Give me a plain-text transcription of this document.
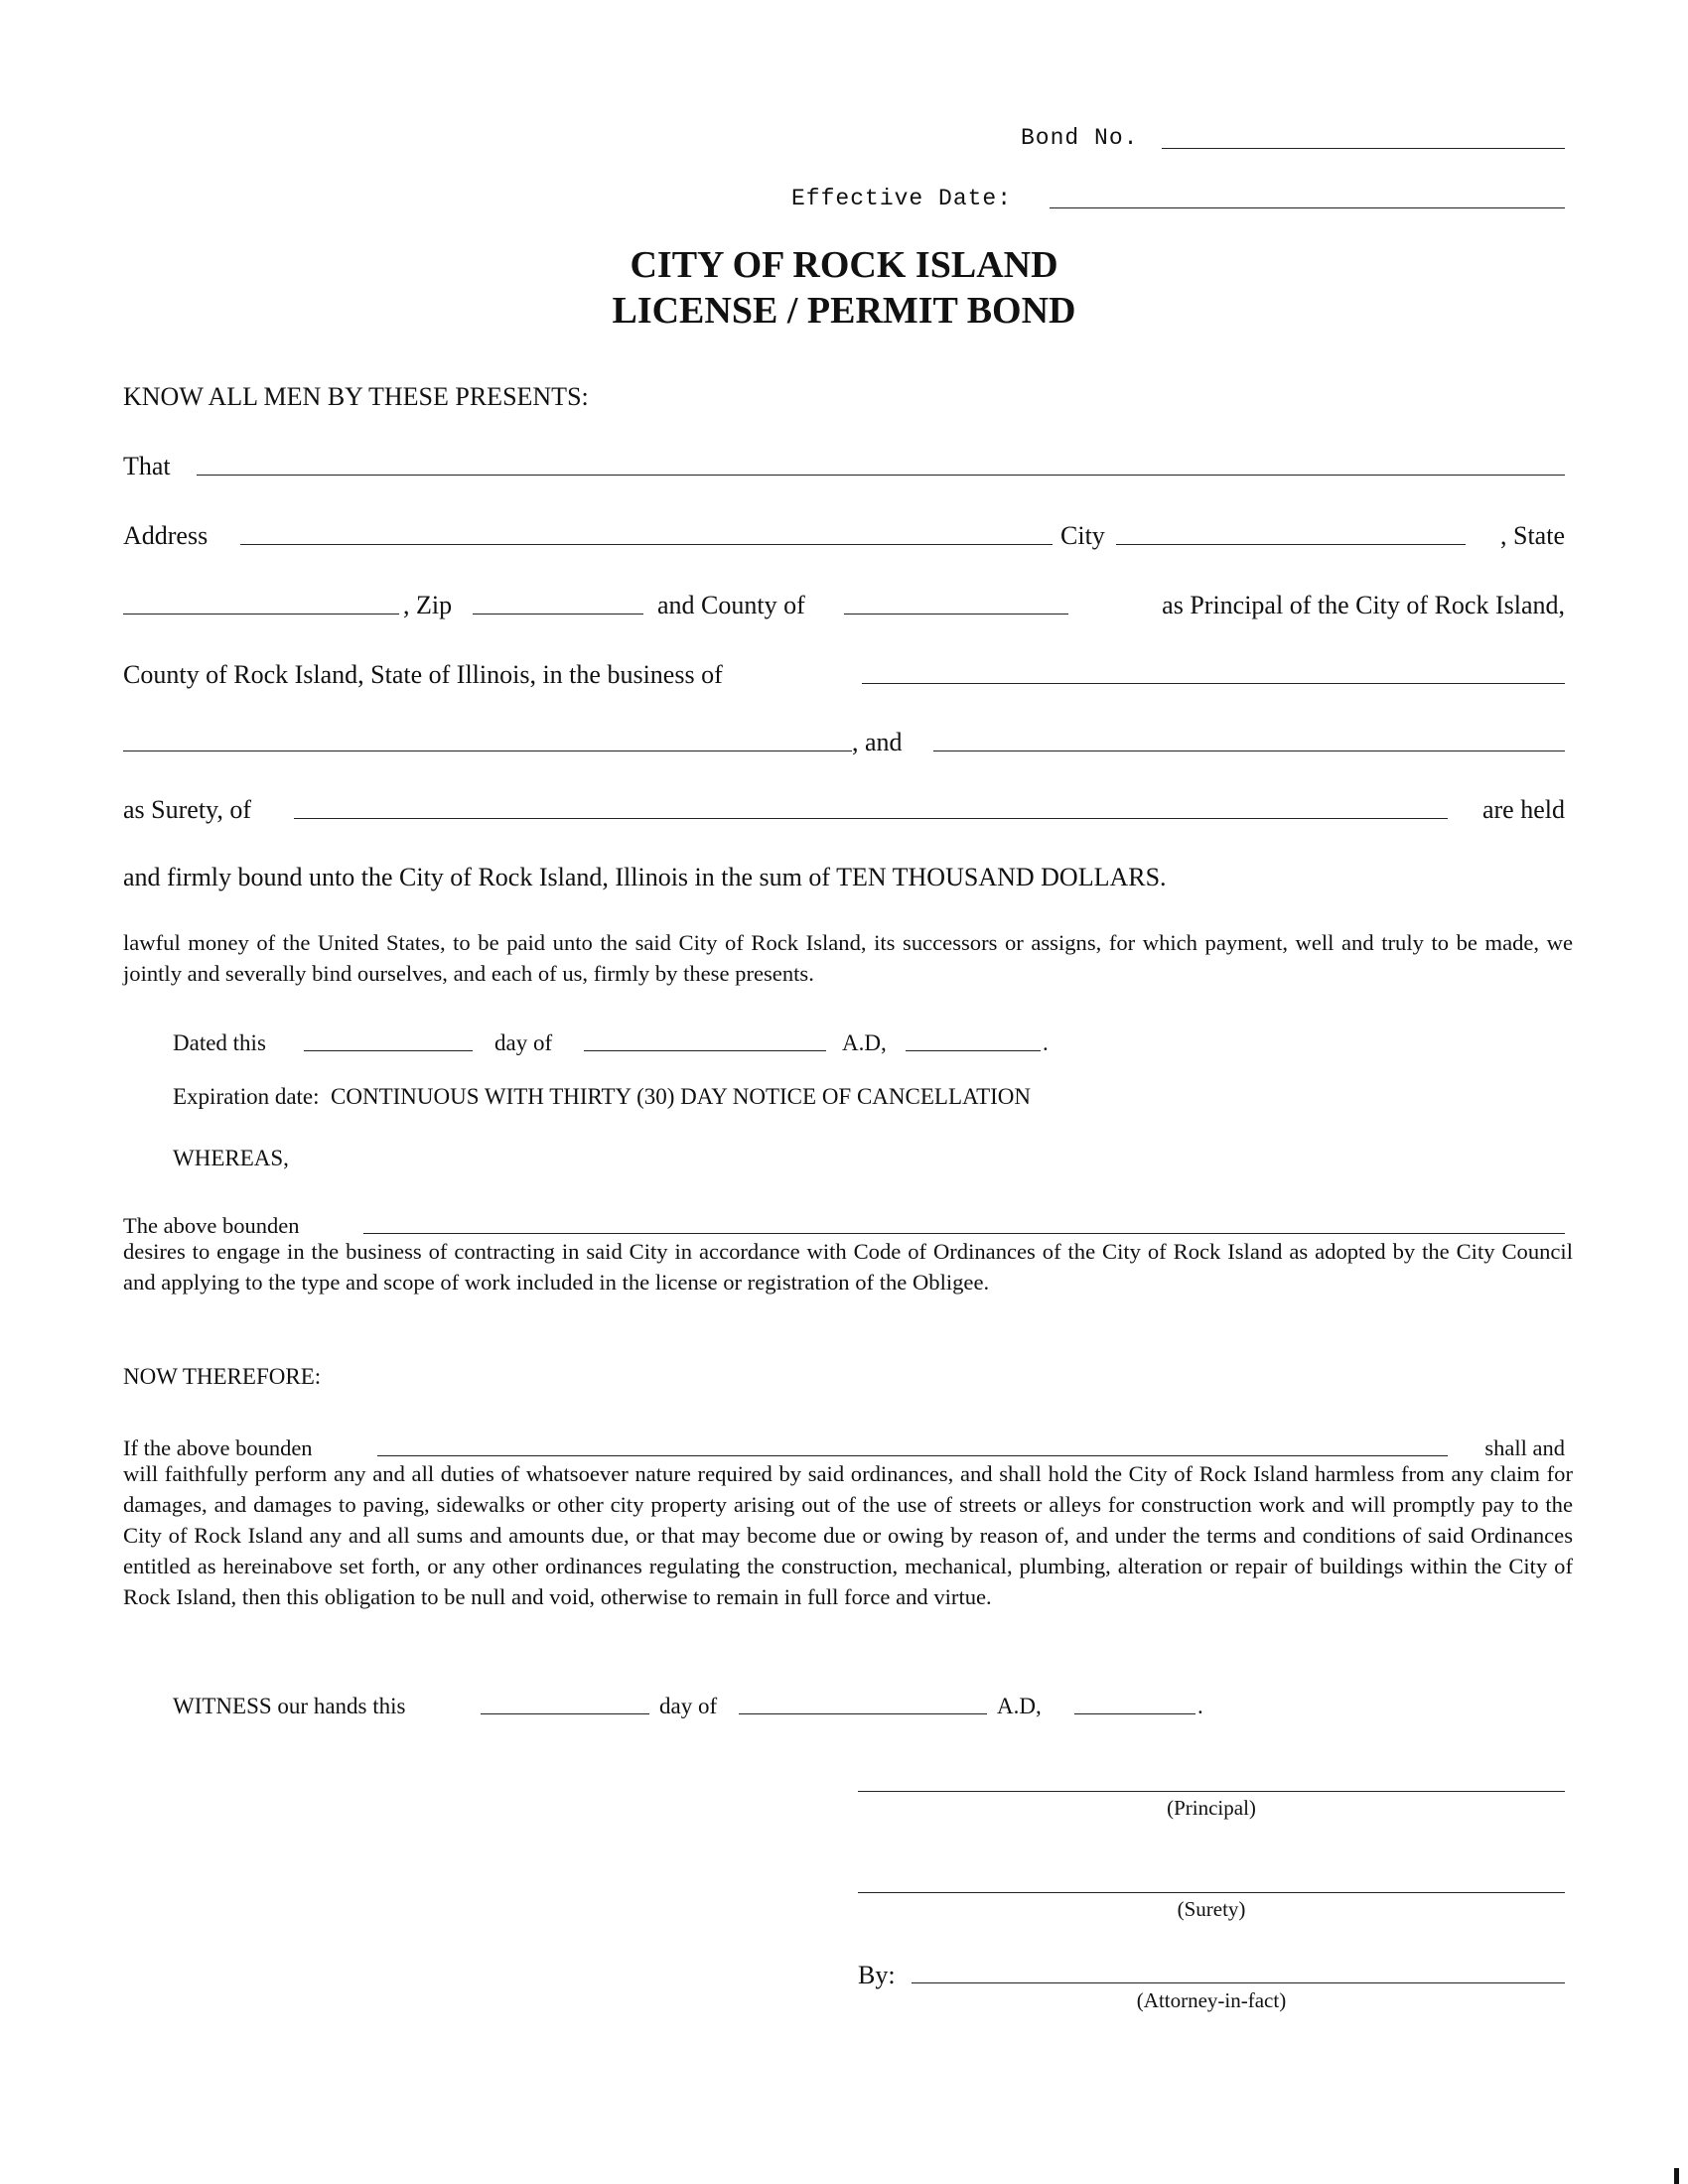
Bond No.
Effective Date:
CITY OF ROCK ISLAND
LICENSE / PERMIT BOND
KNOW ALL MEN BY THESE PRESENTS:
That
Address	City	, State
, Zip	and County of	as Principal of the City of Rock Island,
County of Rock Island, State of Illinois, in the business of
, and
as Surety, of	are held
and firmly bound unto the City of Rock Island, Illinois in the sum of TEN THOUSAND DOLLARS.
lawful money of the United States, to be paid unto the said City of Rock Island, its successors or assigns, for which payment, well and truly to be made, we jointly and severally bind ourselves, and each of us, firmly by these presents.
Dated this	day of	A.D,	.
Expiration date:  CONTINUOUS WITH THIRTY (30) DAY NOTICE OF CANCELLATION
WHEREAS,
The above bounden
desires to engage in the business of contracting in said City in accordance with Code of Ordinances of the City of Rock Island as adopted by the City Council and applying to the type and scope of work included in the license or registration of the Obligee.
NOW THEREFORE:
If the above bounden	shall and
will faithfully perform any and all duties of whatsoever nature required by said ordinances, and shall hold the City of Rock Island harmless from any claim for damages, and damages to paving, sidewalks or other city property arising out of the use of streets or alleys for construction work and will promptly pay to the City of Rock Island any and all sums and amounts due, or that may become due or owing by reason of, and under the terms and conditions of said Ordinances entitled as hereinabove set forth, or any other ordinances regulating the construction, mechanical, plumbing, alteration or repair of buildings within the City of Rock Island, then this obligation to be null and void, otherwise to remain in full force and virtue.
WITNESS our hands this	day of	A.D,	.
(Principal)
(Surety)
By:
(Attorney-in-fact)
